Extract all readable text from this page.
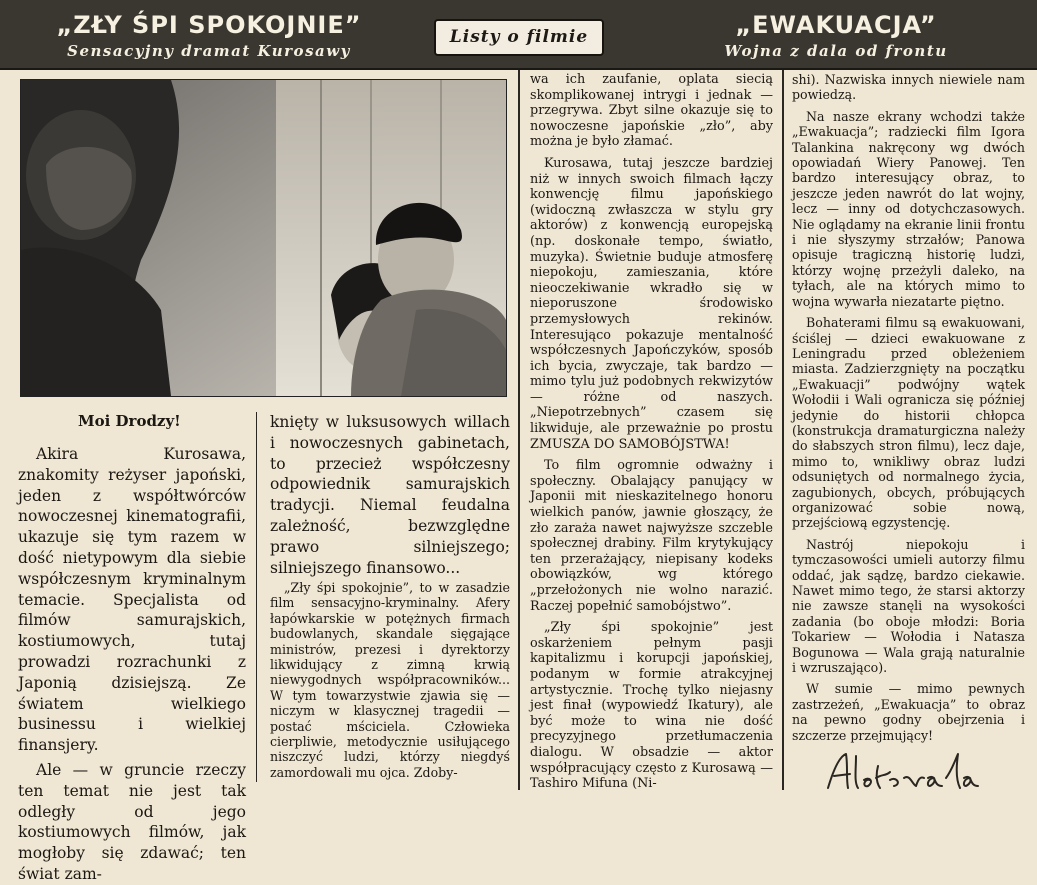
„ZŁY ŚPI SPOKOJNIE”
Sensacyjny dramat Kurosawy
Listy o filmie	„EWAKUACJA”
Wojna z dala od frontu
Moi Drodzy!

Akira Kurosawa, znakomity reżyser japoński, jeden z współtwórców nowoczesnej kinematografii, ukazuje się tym razem w dość nietypowym dla siebie współczesnym kryminalnym temacie. Specjalista od filmów samurajskich, kostiumowych, tutaj prowadzi rozrachunki z Japonią dzisiejszą. Ze światem wielkiego businessu i wielkiej finansjery.

Ale — w gruncie rzeczy ten temat nie jest tak odległy od jego kostiumowych filmów, jak mogłoby się zdawać; ten świat zam-

knięty w luksusowych willach i nowoczesnych gabinetach, to przecież współczesny odpowiednik samurajskich tradycji. Niemal feudalna zależność, bezwzględne prawo silniejszego; silniejszego finansowo...

„Zły śpi spokojnie”, to w zasadzie film sensacyjno-kryminalny. Afery łapówkarskie w potężnych firmach budowlanych, skandale sięgające ministrów, prezesi i dyrektorzy likwidujący z zimną krwią niewygodnych współpracowników... W tym towarzystwie zjawia się — niczym w klasycznej tragedii — postać mściciela. Człowieka cierpliwie, metodycznie usiłującego niszczyć ludzi, którzy niegdyś zamordowali mu ojca. Zdoby-

wa ich zaufanie, oplata siecią skomplikowanej intrygi i jednak — przegrywa. Zbyt silne okazuje się to nowoczesne japońskie „zło”, aby można je było złamać.

Kurosawa, tutaj jeszcze bardziej niż w innych swoich filmach łączy konwencję filmu japońskiego (widoczną zwłaszcza w stylu gry aktorów) z konwencją europejską (np. doskonałe tempo, światło, muzyka). Świetnie buduje atmosferę niepokoju, zamieszania, które nieoczekiwanie wkradło się w nieporuszone środowisko przemysłowych rekinów. Interesująco pokazuje mentalność współczesnych Japończyków, sposób ich bycia, zwyczaje, tak bardzo — mimo tylu już podobnych rekwizytów — różne od naszych. „Niepotrzebnych” czasem się likwiduje, ale przeważnie po prostu ZMUSZA DO SAMOBÓJSTWA!

To film ogromnie odważny i społeczny. Obalający panujący w Japonii mit nieskazitelnego honoru wielkich panów, jawnie głoszący, że zło zaraża nawet najwyższe szczeble społecznej drabiny. Film krytykujący ten przerażający, niepisany kodeks obowiązków, wg którego „przełożonych nie wolno narazić. Raczej popełnić samobójstwo”.

„Zły śpi spokojnie” jest oskarżeniem pełnym pasji kapitalizmu i korupcji japońskiej, podanym w formie atrakcyjnej artystycznie. Trochę tylko niejasny jest finał (wypowiedź Ikatury), ale być może to wina nie dość precyzyjnego przetłumaczenia dialogu. W obsadzie — aktor współpracujący często z Kurosawą — Tashiro Mifuna (Ni-

shi). Nazwiska innych niewiele nam powiedzą.

Na nasze ekrany wchodzi także „Ewakuacja”; radziecki film Igora Talankina nakręcony wg dwóch opowiadań Wiery Panowej. Ten bardzo interesujący obraz, to jeszcze jeden nawrót do lat wojny, lecz — inny od dotychczasowych. Nie oglądamy na ekranie linii frontu i nie słyszymy strzałów; Panowa opisuje tragiczną historię ludzi, którzy wojnę przeżyli daleko, na tyłach, ale na których mimo to wojna wywarła niezatarte piętno.

Bohaterami filmu są ewakuowani, ściślej — dzieci ewakuowane z Leningradu przed obleżeniem miasta. Zadzierzgnięty na początku „Ewakuacji” podwójny wątek Wołodii i Wali ogranicza się później jedynie do historii chłopca (konstrukcja dramaturgiczna należy do słabszych stron filmu), lecz daje, mimo to, wnikliwy obraz ludzi odsuniętych od normalnego życia, zagubionych, obcych, próbujących organizować sobie nową, przejściową egzystencję.

Nastrój niepokoju i tymczasowości umieli autorzy filmu oddać, jak sądzę, bardzo ciekawie. Nawet mimo tego, że starsi aktorzy nie zawsze stanęli na wysokości zadania (bo oboje młodzi: Boria Tokariew — Wołodia i Natasza Bogunowa — Wala grają naturalnie i wzruszająco).

W sumie — mimo pewnych zastrzeżeń, „Ewakuacja” to obraz na pewno godny obejrzenia i szczerze przejmujący!
